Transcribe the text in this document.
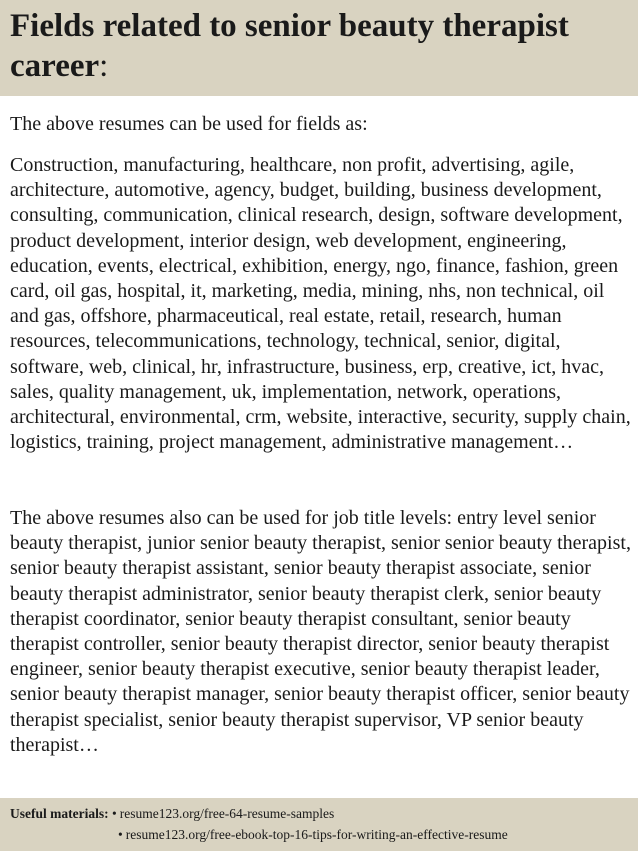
Fields related to senior beauty therapist career:

The above resumes can be used for fields as:

Construction, manufacturing, healthcare, non profit, advertising, agile, architecture, automotive, agency, budget, building, business development, consulting, communication, clinical research, design, software development, product development, interior design, web development, engineering, education, events, electrical, exhibition, energy, ngo, finance, fashion, green card, oil gas, hospital, it, marketing, media, mining, nhs, non technical, oil and gas, offshore, pharmaceutical, real estate, retail, research, human resources, telecommunications, technology, technical, senior, digital, software, web, clinical, hr, infrastructure, business, erp, creative, ict, hvac, sales, quality management, uk, implementation, network, operations, architectural, environmental, crm, website, interactive, security, supply chain, logistics, training, project management, administrative management…

The above resumes also can be used for job title levels: entry level senior beauty therapist, junior senior beauty therapist, senior senior beauty therapist, senior beauty therapist assistant, senior beauty therapist associate, senior beauty therapist administrator, senior beauty therapist clerk, senior beauty therapist coordinator, senior beauty therapist consultant, senior beauty therapist controller, senior beauty therapist director, senior beauty therapist engineer, senior beauty therapist executive, senior beauty therapist leader, senior beauty therapist manager, senior beauty therapist officer, senior beauty therapist specialist, senior beauty therapist supervisor, VP senior beauty therapist…

Useful materials: • resume123.org/free-64-resume-samples
• resume123.org/free-ebook-top-16-tips-for-writing-an-effective-resume
